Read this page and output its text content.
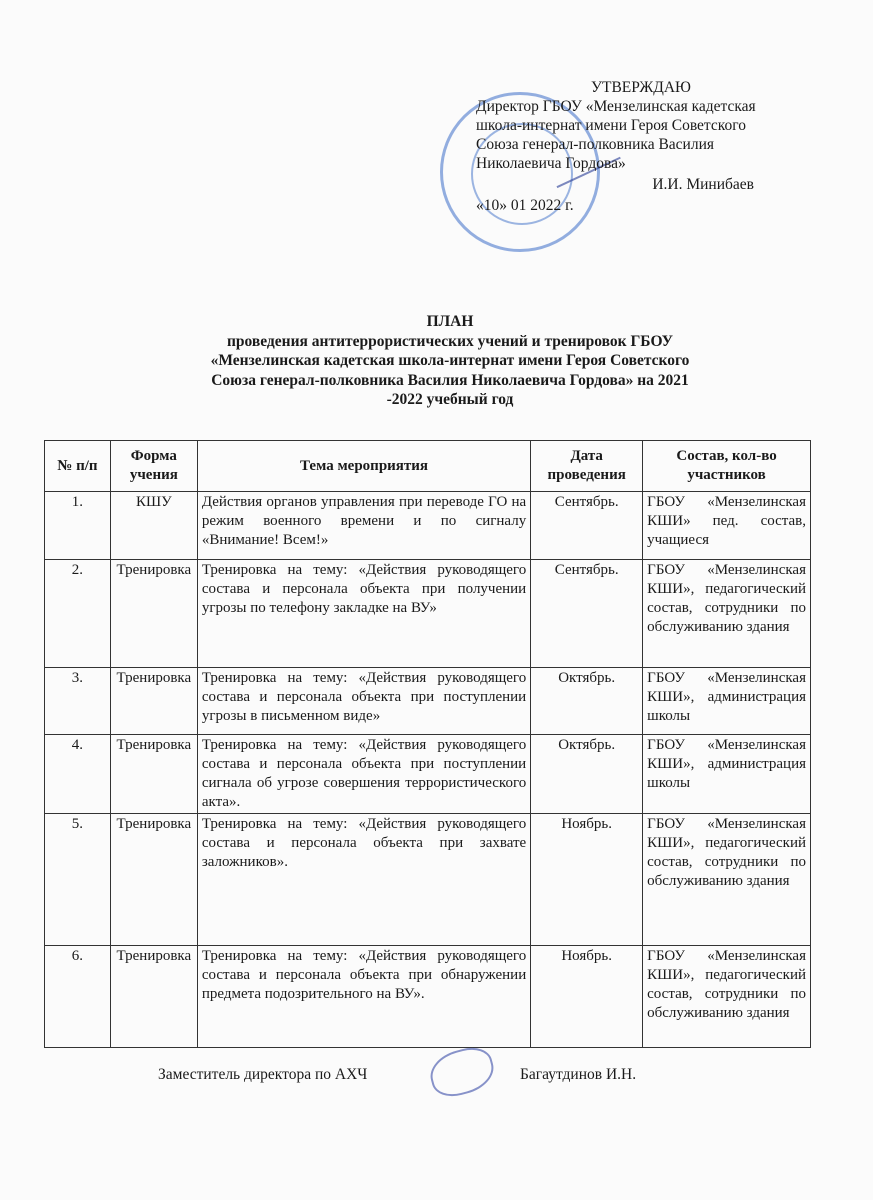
УТВЕРЖДАЮ
Директор ГБОУ «Мензелинская кадетская школа-интернат имени Героя Советского Союза генерал-полковника Василия Николаевича Гордова»
И.И. Минибаев
«10» 01 2022 г.
ПЛАН
проведения антитеррористических учений и тренировок ГБОУ «Мензелинская кадетская школа-интернат имени Героя Советского Союза генерал-полковника Василия Николаевича Гордова» на 2021 -2022 учебный год
№ п/п	Форма учения	Тема мероприятия	Дата проведения	Состав, кол-во участников
1.	КШУ	Действия органов управления при переводе ГО на режим военного времени и по сигналу «Внимание! Всем!»	Сентябрь.	ГБОУ «Мензелинская КШИ» пед. состав, учащиеся
2.	Тренировка	Тренировка на тему: «Действия руководящего состава и персонала объекта при получении угрозы по телефону закладке на ВУ»	Сентябрь.	ГБОУ «Мензелинская КШИ», педагогический состав, сотрудники по обслуживанию здания
3.	Тренировка	Тренировка на тему: «Действия руководящего состава и персонала объекта при поступлении угрозы в письменном виде»	Октябрь.	ГБОУ «Мензелинская КШИ», администрация школы
4.	Тренировка	Тренировка на тему: «Действия руководящего состава и персонала объекта при поступлении сигнала об угрозе совершения террористического акта».	Октябрь.	ГБОУ «Мензелинская КШИ», администрация школы
5.	Тренировка	Тренировка на тему: «Действия руководящего состава и персонала объекта при захвате заложников».	Ноябрь.	ГБОУ «Мензелинская КШИ», педагогический состав, сотрудники по обслуживанию здания
6.	Тренировка	Тренировка на тему: «Действия руководящего состава и персонала объекта при обнаружении предмета подозрительного на ВУ».	Ноябрь.	ГБОУ «Мензелинская КШИ», педагогический состав, сотрудники по обслуживанию здания
Заместитель директора по АХЧ	Багаутдинов И.Н.
